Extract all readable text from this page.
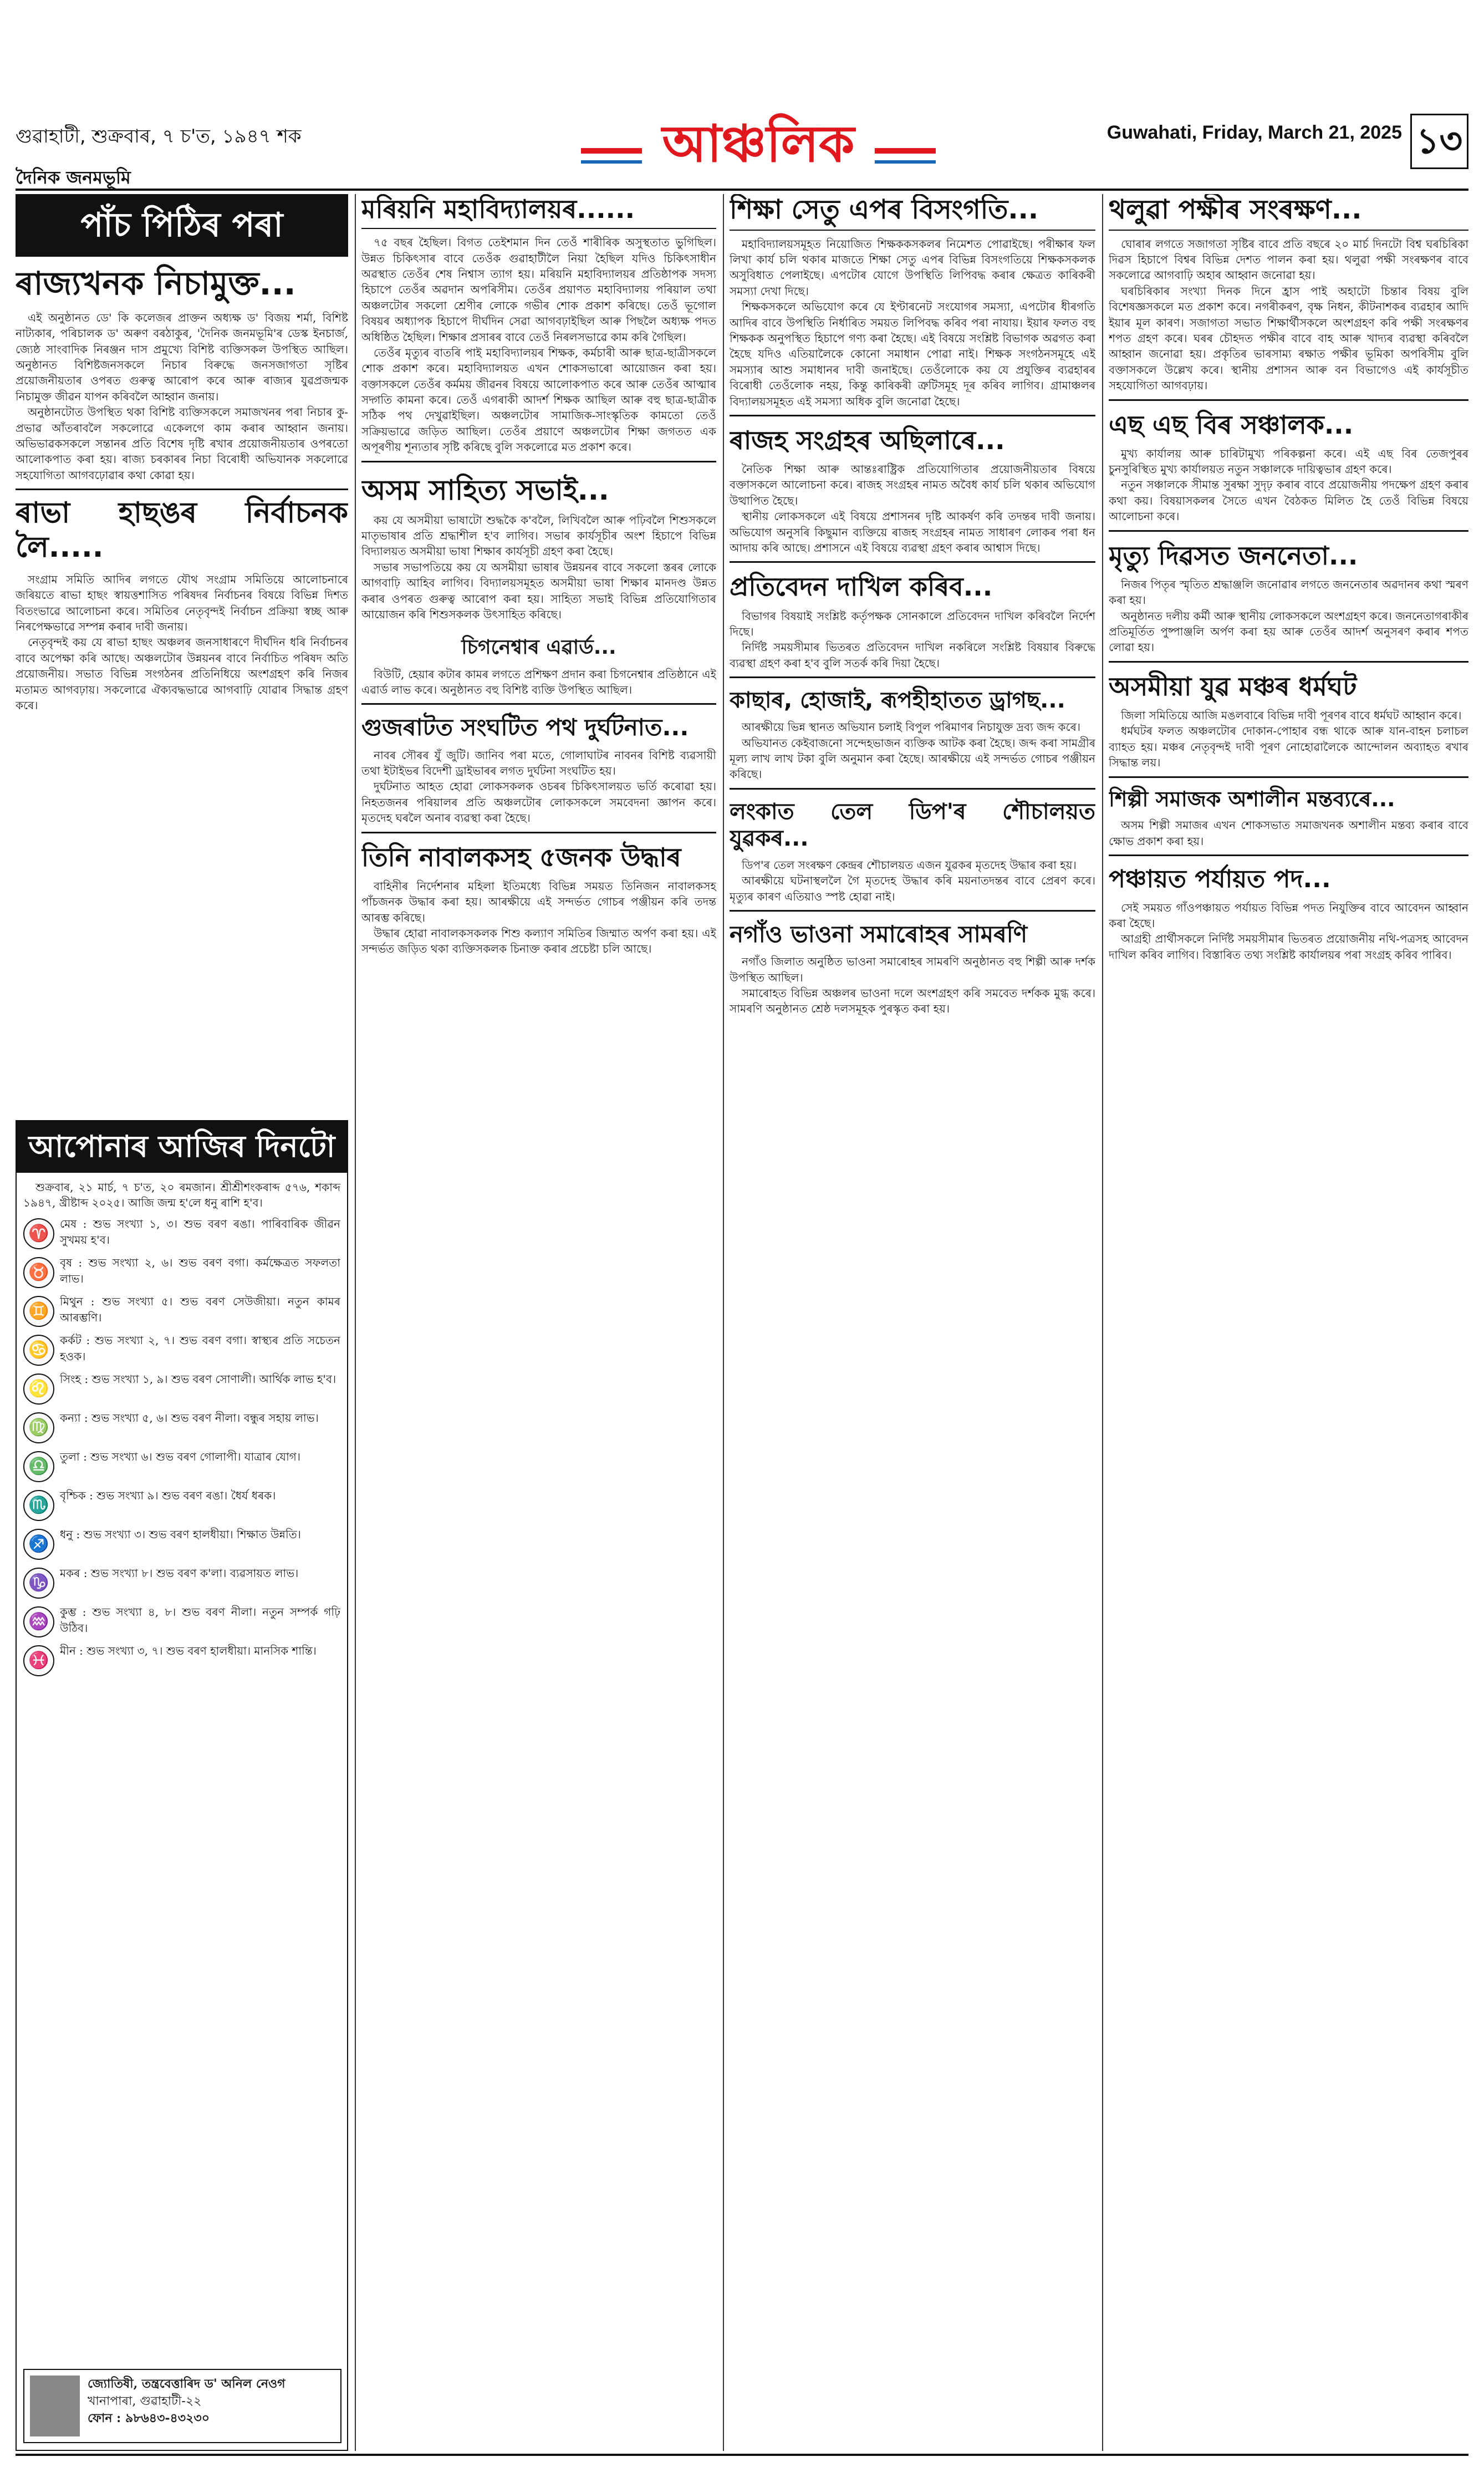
গুৱাহাটী, শুক্ৰবাৰ, ৭ চ'ত, ১৯৪৭ শক	আঞ্চলিক	Guwahati, Friday, March 21, 2025 ১৩
দৈনিক জনমভূমি
পাঁচ পিঠিৰ পৰা
ৰাজ্যখনক নিচামুক্ত...

এই অনুষ্ঠানত ডে' কি কলেজৰ প্ৰাক্তন অধ্যক্ষ ড' বিজয় শৰ্মা, বিশিষ্ট নাট্যকাৰ, পৰিচালক ড' অৰুণ বৰঠাকুৰ, 'দৈনিক জনমভূমি'ৰ ডেস্ক ইনচাৰ্জ, জ্যেষ্ঠ সাংবাদিক নিৰঞ্জন দাস প্ৰমুখ্যে বিশিষ্ট ব্যক্তিসকল উপস্থিত আছিল। অনুষ্ঠানত বিশিষ্টজনসকলে নিচাৰ বিৰুদ্ধে জনসজাগতা সৃষ্টিৰ প্ৰয়োজনীয়তাৰ ওপৰত গুৰুত্ব আৰোপ কৰে আৰু ৰাজ্যৰ যুৱপ্ৰজন্মক নিচামুক্ত জীৱন যাপন কৰিবলৈ আহ্বান জনায়।

অনুষ্ঠানটোত উপস্থিত থকা বিশিষ্ট ব্যক্তিসকলে সমাজখনৰ পৰা নিচাৰ কু-প্ৰভাৱ আঁতৰাবলৈ সকলোৱে একেলগে কাম কৰাৰ আহ্বান জনায়। অভিভাৱকসকলে সন্তানৰ প্ৰতি বিশেষ দৃষ্টি ৰখাৰ প্ৰয়োজনীয়তাৰ ওপৰতো আলোকপাত কৰা হয়। ৰাজ্য চৰকাৰৰ নিচা বিৰোধী অভিযানক সকলোৱে সহযোগিতা আগবঢ়োৱাৰ কথা কোৱা হয়।

ৰাভা হাছঙৰ নিৰ্বাচনক লৈ.....

সংগ্ৰাম সমিতি আদিৰ লগতে যৌথ সংগ্ৰাম সমিতিয়ে আলোচনাৰে জৰিয়তে ৰাভা হাছং স্বায়ত্তশাসিত পৰিষদৰ নিৰ্বাচনৰ বিষয়ে বিভিন্ন দিশত বিতংভাৱে আলোচনা কৰে। সমিতিৰ নেতৃবৃন্দই নিৰ্বাচন প্ৰক্ৰিয়া স্বচ্ছ আৰু নিৰপেক্ষভাৱে সম্পন্ন কৰাৰ দাবী জনায়।

নেতৃবৃন্দই কয় যে ৰাভা হাছং অঞ্চলৰ জনসাধাৰণে দীৰ্ঘদিন ধৰি নিৰ্বাচনৰ বাবে অপেক্ষা কৰি আছে। অঞ্চলটোৰ উন্নয়নৰ বাবে নিৰ্বাচিত পৰিষদ অতি প্ৰয়োজনীয়। সভাত বিভিন্ন সংগঠনৰ প্ৰতিনিধিয়ে অংশগ্ৰহণ কৰি নিজৰ মতামত আগবঢ়ায়। সকলোৱে ঐক্যবদ্ধভাৱে আগবাঢ়ি যোৱাৰ সিদ্ধান্ত গ্ৰহণ কৰে।

আপোনাৰ আজিৰ দিনটো

শুক্ৰবাৰ, ২১ মাৰ্চ, ৭ চ'ত, ২০ ৰমজান। শ্ৰীশ্ৰীশংকৰাব্দ ৫৭৬, শকাব্দ ১৯৪৭, খ্ৰীষ্টাব্দ ২০২৫। আজি জন্ম হ'লে ধনু ৰাশি হ'ব।

♈ মেষ : শুভ সংখ্যা ১, ৩। শুভ বৰণ ৰঙা। পাৰিবাৰিক জীৱন সুখময় হ'ব।
♉ বৃষ : শুভ সংখ্যা ২, ৬। শুভ বৰণ বগা। কৰ্মক্ষেত্ৰত সফলতা লাভ।
♊ মিথুন : শুভ সংখ্যা ৫। শুভ বৰণ সেউজীয়া। নতুন কামৰ আৰম্ভণি।
♋ কৰ্কট : শুভ সংখ্যা ২, ৭। শুভ বৰণ বগা। স্বাস্থ্যৰ প্ৰতি সচেতন হওক।
♌ সিংহ : শুভ সংখ্যা ১, ৯। শুভ বৰণ সোণালী। আৰ্থিক লাভ হ'ব।
♍ কন্যা : শুভ সংখ্যা ৫, ৬। শুভ বৰণ নীলা। বন্ধুৰ সহায় লাভ।
♎ তুলা : শুভ সংখ্যা ৬। শুভ বৰণ গোলাপী। যাত্ৰাৰ যোগ।
♏ বৃশ্চিক : শুভ সংখ্যা ৯। শুভ বৰণ ৰঙা। ধৈৰ্য ধৰক।
♐ ধনু : শুভ সংখ্যা ৩। শুভ বৰণ হালধীয়া। শিক্ষাত উন্নতি।
♑ মকৰ : শুভ সংখ্যা ৮। শুভ বৰণ ক'লা। ব্যৱসায়ত লাভ।
♒ কুম্ভ : শুভ সংখ্যা ৪, ৮। শুভ বৰণ নীলা। নতুন সম্পৰ্ক গঢ়ি উঠিব।
♓ মীন : শুভ সংখ্যা ৩, ৭। শুভ বৰণ হালধীয়া। মানসিক শান্তি।
জ্যোতিষী, তন্ত্ৰবেত্তাৰিদ ড' অনিল নেওগ
খানাপাৰা, গুৱাহাটী-২২
ফোন : ৯৮৬৪৩-৪৩২৩০
মৰিয়নি মহাবিদ্যালয়ৰ......

৭৫ বছৰ হৈছিল। বিগত তেইশমান দিন তেওঁ শাৰীৰিক অসুস্থতাত ভুগিছিল। উন্নত চিকিৎসাৰ বাবে তেওঁক গুৱাহাটীলৈ নিয়া হৈছিল যদিও চিকিৎসাধীন অৱস্থাত তেওঁৰ শেষ নিশ্বাস ত্যাগ হয়। মৰিয়নি মহাবিদ্যালয়ৰ প্ৰতিষ্ঠাপক সদস্য হিচাপে তেওঁৰ অৱদান অপৰিসীম। তেওঁৰ প্ৰয়াণত মহাবিদ্যালয় পৰিয়াল তথা অঞ্চলটোৰ সকলো শ্ৰেণীৰ লোকে গভীৰ শোক প্ৰকাশ কৰিছে। তেওঁ ভূগোল বিষয়ৰ অধ্যাপক হিচাপে দীৰ্ঘদিন সেৱা আগবঢ়াইছিল আৰু পিছলৈ অধ্যক্ষ পদত অধিষ্ঠিত হৈছিল। শিক্ষাৰ প্ৰসাৰৰ বাবে তেওঁ নিৰলসভাৱে কাম কৰি গৈছিল।

তেওঁৰ মৃত্যুৰ বাতৰি পাই মহাবিদ্যালয়ৰ শিক্ষক, কৰ্মচাৰী আৰু ছাত্ৰ-ছাত্ৰীসকলে শোক প্ৰকাশ কৰে। মহাবিদ্যালয়ত এখন শোকসভাৰো আয়োজন কৰা হয়। বক্তাসকলে তেওঁৰ কৰ্মময় জীৱনৰ বিষয়ে আলোকপাত কৰে আৰু তেওঁৰ আত্মাৰ সদ্গতি কামনা কৰে। তেওঁ এগৰাকী আদৰ্শ শিক্ষক আছিল আৰু বহু ছাত্ৰ-ছাত্ৰীক সঠিক পথ দেখুৱাইছিল। অঞ্চলটোৰ সামাজিক-সাংস্কৃতিক কামতো তেওঁ সক্ৰিয়ভাৱে জড়িত আছিল। তেওঁৰ প্ৰয়াণে অঞ্চলটোৰ শিক্ষা জগতত এক অপূৰণীয় শূন্যতাৰ সৃষ্টি কৰিছে বুলি সকলোৱে মত প্ৰকাশ কৰে।

অসম সাহিত্য সভাই...

কয় যে অসমীয়া ভাষাটো শুদ্ধকৈ ক'বলৈ, লিখিবলৈ আৰু পঢ়িবলৈ শিশুসকলে মাতৃভাষাৰ প্ৰতি শ্ৰদ্ধাশীল হ'ব লাগিব। সভাৰ কাৰ্যসূচীৰ অংশ হিচাপে বিভিন্ন বিদ্যালয়ত অসমীয়া ভাষা শিক্ষাৰ কাৰ্যসূচী গ্ৰহণ কৰা হৈছে।

সভাৰ সভাপতিয়ে কয় যে অসমীয়া ভাষাৰ উন্নয়নৰ বাবে সকলো স্তৰৰ লোকে আগবাঢ়ি আহিব লাগিব। বিদ্যালয়সমূহত অসমীয়া ভাষা শিক্ষাৰ মানদণ্ড উন্নত কৰাৰ ওপৰত গুৰুত্ব আৰোপ কৰা হয়। সাহিত্য সভাই বিভিন্ন প্ৰতিযোগিতাৰ আয়োজন কৰি শিশুসকলক উৎসাহিত কৰিছে।

চিগনেশ্বাৰ এৱাৰ্ড...

বিউটি, হেয়াৰ কটাৰ কামৰ লগতে প্ৰশিক্ষণ প্ৰদান কৰা চিগনেশ্বাৰ প্ৰতিষ্ঠানে এই এৱাৰ্ড লাভ কৰে। অনুষ্ঠানত বহু বিশিষ্ট ব্যক্তি উপস্থিত আছিল।

গুজৰাটত সংঘটিত পথ দুৰ্ঘটনাত...

নাবৰ সৌৰৰ যুঁ জুটি। জানিব পৰা মতে, গোলাঘাটৰ নাবনৰ বিশিষ্ট ব্যৱসায়ী তথা ইটাইভৰ বিদেশী ড্ৰাইভাৰৰ লগত দুৰ্ঘটনা সংঘটিত হয়।

দুৰ্ঘটনাত আহত হোৱা লোকসকলক ওচৰৰ চিকিৎসালয়ত ভৰ্তি কৰোৱা হয়। নিহতজনৰ পৰিয়ালৰ প্ৰতি অঞ্চলটোৰ লোকসকলে সমবেদনা জ্ঞাপন কৰে। মৃতদেহ ঘৰলৈ অনাৰ ব্যৱস্থা কৰা হৈছে।

তিনি নাবালকসহ ৫জনক উদ্ধাৰ

বাহিনীৰ নিৰ্দেশনাৰ মহিলা ইতিমধ্যে বিভিন্ন সময়ত তিনিজন নাবালকসহ পাঁচজনক উদ্ধাৰ কৰা হয়। আৰক্ষীয়ে এই সন্দৰ্ভত গোচৰ পঞ্জীয়ন কৰি তদন্ত আৰম্ভ কৰিছে।

উদ্ধাৰ হোৱা নাবালকসকলক শিশু কল্যাণ সমিতিৰ জিম্মাত অৰ্পণ কৰা হয়। এই সন্দৰ্ভত জড়িত থকা ব্যক্তিসকলক চিনাক্ত কৰাৰ প্ৰচেষ্টা চলি আছে।

শিক্ষা সেতু এপৰ বিসংগতি...

মহাবিদ্যালয়সমূহত নিয়োজিত শিক্ষককসকলৰ নিমেশত পোৱাইছে। পৰীক্ষাৰ ফল লিখা কাৰ্য চলি থকাৰ মাজতে শিক্ষা সেতু এপৰ বিভিন্ন বিসংগতিয়ে শিক্ষকসকলক অসুবিধাত পেলাইছে। এপটোৰ যোগে উপস্থিতি লিপিবদ্ধ কৰাৰ ক্ষেত্ৰত কাৰিকৰী সমস্যা দেখা দিছে।

শিক্ষকসকলে অভিযোগ কৰে যে ইণ্টাৰনেট সংযোগৰ সমস্যা, এপটোৰ ধীৰগতি আদিৰ বাবে উপস্থিতি নিৰ্ধাৰিত সময়ত লিপিবদ্ধ কৰিব পৰা নাযায়। ইয়াৰ ফলত বহু শিক্ষকক অনুপস্থিত হিচাপে গণ্য কৰা হৈছে। এই বিষয়ে সংশ্লিষ্ট বিভাগক অৱগত কৰা হৈছে যদিও এতিয়ালৈকে কোনো সমাধান পোৱা নাই। শিক্ষক সংগঠনসমূহে এই সমস্যাৰ আশু সমাধানৰ দাবী জনাইছে। তেওঁলোকে কয় যে প্ৰযুক্তিৰ ব্যৱহাৰৰ বিৰোধী তেওঁলোক নহয়, কিন্তু কাৰিকৰী ত্ৰুটিসমূহ দূৰ কৰিব লাগিব। গ্ৰামাঞ্চলৰ বিদ্যালয়সমূহত এই সমস্যা অধিক বুলি জনোৱা হৈছে।

ৰাজহ সংগ্ৰহৰ অছিলাৰে...

নৈতিক শিক্ষা আৰু আন্তঃৰাষ্ট্ৰিক প্ৰতিযোগিতাৰ প্ৰয়োজনীয়তাৰ বিষয়ে বক্তাসকলে আলোচনা কৰে। ৰাজহ সংগ্ৰহৰ নামত অবৈধ কাৰ্য চলি থকাৰ অভিযোগ উত্থাপিত হৈছে।

স্থানীয় লোকসকলে এই বিষয়ে প্ৰশাসনৰ দৃষ্টি আকৰ্ষণ কৰি তদন্তৰ দাবী জনায়। অভিযোগ অনুসৰি কিছুমান ব্যক্তিয়ে ৰাজহ সংগ্ৰহৰ নামত সাধাৰণ লোকৰ পৰা ধন আদায় কৰি আছে। প্ৰশাসনে এই বিষয়ে ব্যৱস্থা গ্ৰহণ কৰাৰ আশ্বাস দিছে।

প্ৰতিবেদন দাখিল কৰিব...

বিভাগৰ বিষয়াই সংশ্লিষ্ট কৰ্তৃপক্ষক সোনকালে প্ৰতিবেদন দাখিল কৰিবলৈ নিৰ্দেশ দিছে।

নিৰ্দিষ্ট সময়সীমাৰ ভিতৰত প্ৰতিবেদন দাখিল নকৰিলে সংশ্লিষ্ট বিষয়াৰ বিৰুদ্ধে ব্যৱস্থা গ্ৰহণ কৰা হ'ব বুলি সতৰ্ক কৰি দিয়া হৈছে।

কাছাৰ, হোজাই, ৰূপহীহাতত ড্ৰাগছ...

আৰক্ষীয়ে ভিন্ন স্থানত অভিযান চলাই বিপুল পৰিমাণৰ নিচাযুক্ত দ্ৰব্য জব্দ কৰে।

অভিযানত কেইবাজনো সন্দেহভাজন ব্যক্তিক আটক কৰা হৈছে। জব্দ কৰা সামগ্ৰীৰ মূল্য লাখ লাখ টকা বুলি অনুমান কৰা হৈছে। আৰক্ষীয়ে এই সন্দৰ্ভত গোচৰ পঞ্জীয়ন কৰিছে।

লংকাত তেল ডিপ'ৰ শৌচালয়ত যুৱকৰ...

ডিপ'ৰ তেল সংৰক্ষণ কেন্দ্ৰৰ শৌচালয়ত এজন যুৱকৰ মৃতদেহ উদ্ধাৰ কৰা হয়।

আৰক্ষীয়ে ঘটনাস্থললৈ গৈ মৃতদেহ উদ্ধাৰ কৰি ময়নাতদন্তৰ বাবে প্ৰেৰণ কৰে। মৃত্যুৰ কাৰণ এতিয়াও স্পষ্ট হোৱা নাই।

নগাঁও ভাওনা সমাৰোহৰ সামৰণি

নগাঁও জিলাত অনুষ্ঠিত ভাওনা সমাৰোহৰ সামৰণি অনুষ্ঠানত বহু শিল্পী আৰু দৰ্শক উপস্থিত আছিল।

সমাৰোহত বিভিন্ন অঞ্চলৰ ভাওনা দলে অংশগ্ৰহণ কৰি সমবেত দৰ্শকক মুগ্ধ কৰে। সামৰণি অনুষ্ঠানত শ্ৰেষ্ঠ দলসমূহক পুৰস্কৃত কৰা হয়।

থলুৱা পক্ষীৰ সংৰক্ষণ...

ঘোৰাৰ লগতে সজাগতা সৃষ্টিৰ বাবে প্ৰতি বছৰে ২০ মাৰ্চ দিনটো বিশ্ব ঘৰচিৰিকা দিৱস হিচাপে বিশ্বৰ বিভিন্ন দেশত পালন কৰা হয়। থলুৱা পক্ষী সংৰক্ষণৰ বাবে সকলোৱে আগবাঢ়ি অহাৰ আহ্বান জনোৱা হয়।

ঘৰচিৰিকাৰ সংখ্যা দিনক দিনে হ্ৰাস পাই অহাটো চিন্তাৰ বিষয় বুলি বিশেষজ্ঞসকলে মত প্ৰকাশ কৰে। নগৰীকৰণ, বৃক্ষ নিধন, কীটনাশকৰ ব্যৱহাৰ আদি ইয়াৰ মূল কাৰণ। সজাগতা সভাত শিক্ষাৰ্থীসকলে অংশগ্ৰহণ কৰি পক্ষী সংৰক্ষণৰ শপত গ্ৰহণ কৰে। ঘৰৰ চৌহদত পক্ষীৰ বাবে বাহ আৰু খাদ্যৰ ব্যৱস্থা কৰিবলৈ আহ্বান জনোৱা হয়। প্ৰকৃতিৰ ভাৰসাম্য ৰক্ষাত পক্ষীৰ ভূমিকা অপৰিসীম বুলি বক্তাসকলে উল্লেখ কৰে। স্থানীয় প্ৰশাসন আৰু বন বিভাগেও এই কাৰ্যসূচীত সহযোগিতা আগবঢ়ায়।

এছ এছ বিৰ সঞ্চালক...

মুখ্য কাৰ্যালয় আৰু চাৰিটামুখ্য পৰিকল্পনা কৰে। এই এছ বিৰ তেজপুৰৰ চুনসুৰিস্থিত মুখ্য কাৰ্যালয়ত নতুন সঞ্চালকে দায়িত্বভাৰ গ্ৰহণ কৰে।

নতুন সঞ্চালকে সীমান্ত সুৰক্ষা সুদৃঢ় কৰাৰ বাবে প্ৰয়োজনীয় পদক্ষেপ গ্ৰহণ কৰাৰ কথা কয়। বিষয়াসকলৰ সৈতে এখন বৈঠকত মিলিত হৈ তেওঁ বিভিন্ন বিষয়ে আলোচনা কৰে।

মৃত্যু দিৱসত জননেতা...

নিজৰ পিতৃৰ স্মৃতিত শ্ৰদ্ধাঞ্জলি জনোৱাৰ লগতে জননেতাৰ অৱদানৰ কথা স্মৰণ কৰা হয়।

অনুষ্ঠানত দলীয় কৰ্মী আৰু স্থানীয় লোকসকলে অংশগ্ৰহণ কৰে। জননেতাগৰাকীৰ প্ৰতিমূৰ্তিত পুষ্পাঞ্জলি অৰ্পণ কৰা হয় আৰু তেওঁৰ আদৰ্শ অনুসৰণ কৰাৰ শপত লোৱা হয়।

অসমীয়া যুৱ মঞ্চৰ ধৰ্মঘট

জিলা সমিতিয়ে আজি মঙলবাৰে বিভিন্ন দাবী পূৰণৰ বাবে ধৰ্মঘট আহ্বান কৰে।

ধৰ্মঘটৰ ফলত অঞ্চলটোৰ দোকান-পোহাৰ বন্ধ থাকে আৰু যান-বাহন চলাচল ব্যাহত হয়। মঞ্চৰ নেতৃবৃন্দই দাবী পূৰণ নোহোৱালৈকে আন্দোলন অব্যাহত ৰখাৰ সিদ্ধান্ত লয়।

শিল্পী সমাজক অশালীন মন্তব্যৰে...

অসম শিল্পী সমাজৰ এখন শোকসভাত সমাজখনক অশালীন মন্তব্য কৰাৰ বাবে ক্ষোভ প্ৰকাশ কৰা হয়।

পঞ্চায়ত পৰ্যায়ত পদ...

সেই সময়ত গাঁওপঞ্চায়ত পৰ্যায়ত বিভিন্ন পদত নিযুক্তিৰ বাবে আবেদন আহ্বান কৰা হৈছে।

আগ্ৰহী প্ৰাৰ্থীসকলে নিৰ্দিষ্ট সময়সীমাৰ ভিতৰত প্ৰয়োজনীয় নথি-পত্ৰসহ আবেদন দাখিল কৰিব লাগিব। বিস্তাৰিত তথ্য সংশ্লিষ্ট কাৰ্যালয়ৰ পৰা সংগ্ৰহ কৰিব পাৰিব।
